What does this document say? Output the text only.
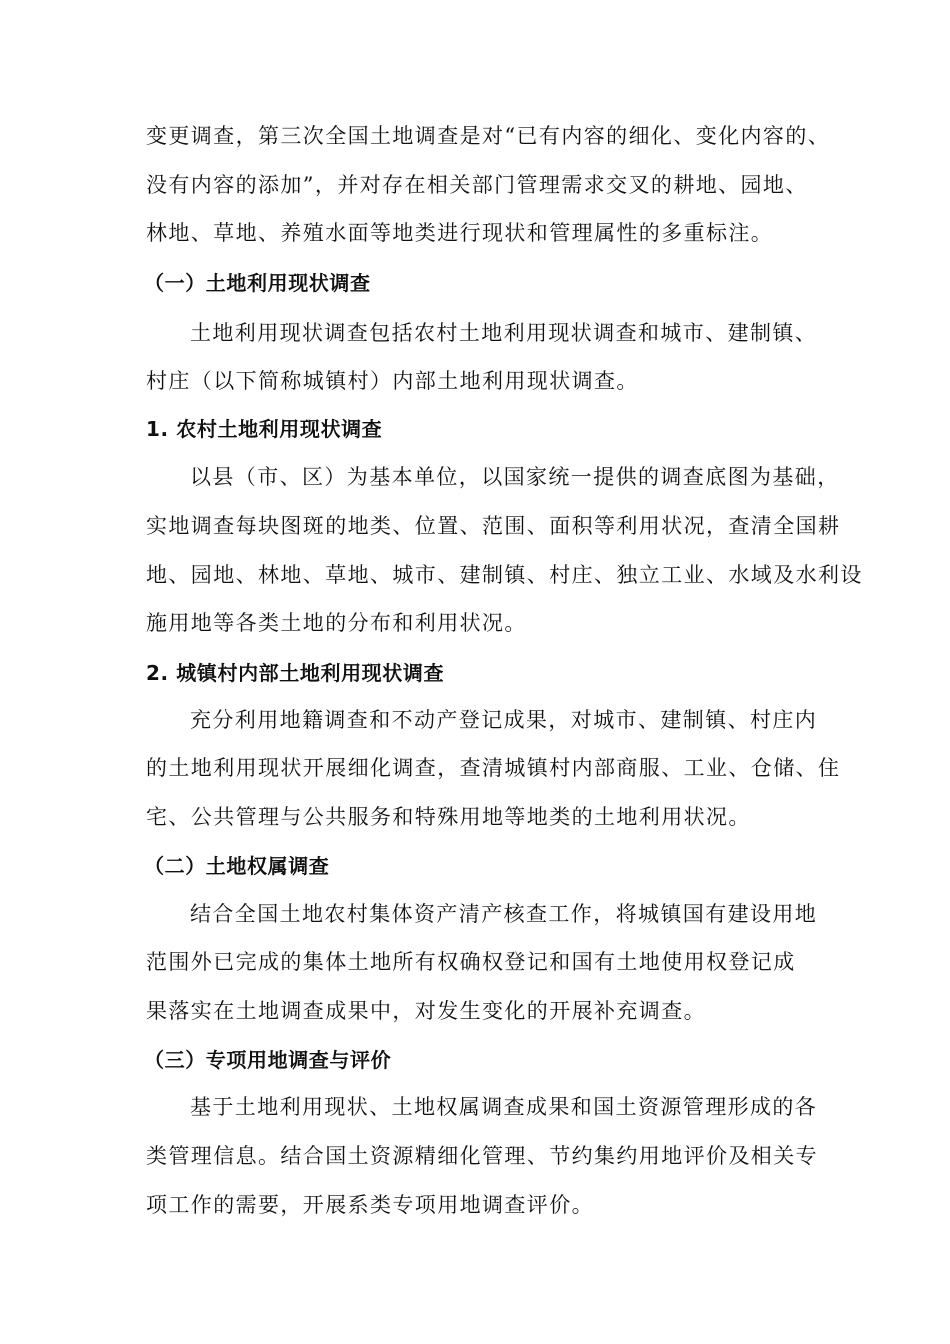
变更调查，第三次全国土地调查是对“已有内容的细化、变化内容的、
没有内容的添加”，并对存在相关部门管理需求交叉的耕地、园地、
林地、草地、养殖水面等地类进行现状和管理属性的多重标注。
（一）土地利用现状调查
土地利用现状调查包括农村土地利用现状调查和城市、建制镇、
村庄（以下简称城镇村）内部土地利用现状调查。
1. 农村土地利用现状调查
以县（市、区）为基本单位，以国家统一提供的调查底图为基础，
实地调查每块图斑的地类、位置、范围、面积等利用状况，查清全国耕
地、园地、林地、草地、城市、建制镇、村庄、独立工业、水域及水利设
施用地等各类土地的分布和利用状况。
2. 城镇村内部土地利用现状调查
充分利用地籍调查和不动产登记成果，对城市、建制镇、村庄内
的土地利用现状开展细化调查，查清城镇村内部商服、工业、仓储、住
宅、公共管理与公共服务和特殊用地等地类的土地利用状况。
（二）土地权属调查
结合全国土地农村集体资产清产核查工作，将城镇国有建设用地
范围外已完成的集体土地所有权确权登记和国有土地使用权登记成
果落实在土地调查成果中，对发生变化的开展补充调查。
（三）专项用地调查与评价
基于土地利用现状、土地权属调查成果和国土资源管理形成的各
类管理信息。结合国土资源精细化管理、节约集约用地评价及相关专
项工作的需要，开展系类专项用地调查评价。
